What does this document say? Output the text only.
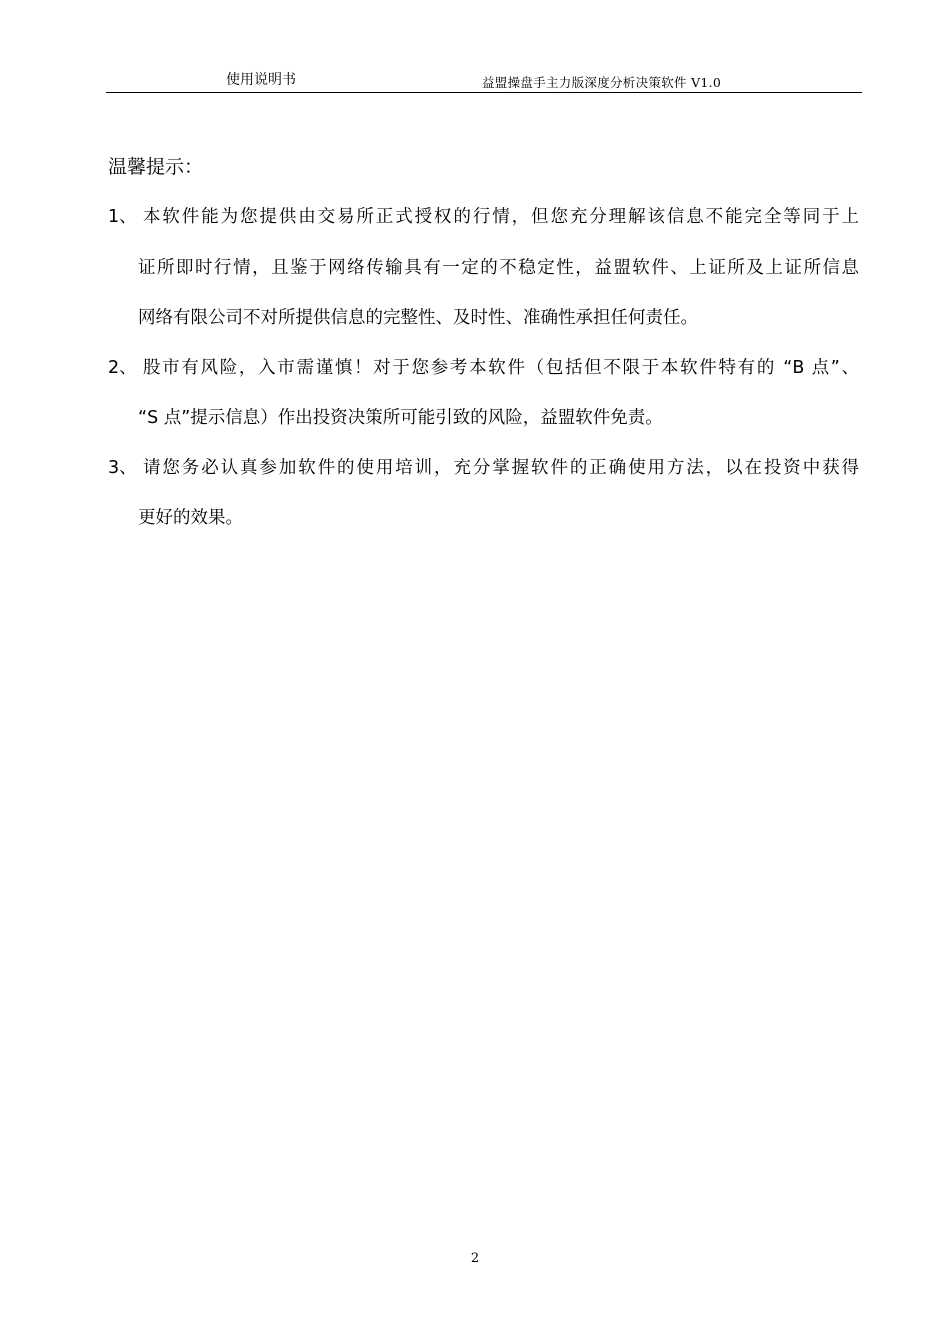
使用说明书	益盟操盘手主力版深度分析决策软件 V1.0
温馨提示：
1、 本软件能为您提供由交易所正式授权的行情，但您充分理解该信息不能完全等同于上
证所即时行情，且鉴于网络传输具有一定的不稳定性，益盟软件、上证所及上证所信息
网络有限公司不对所提供信息的完整性、及时性、准确性承担任何责任。
2、 股市有风险，入市需谨慎！对于您参考本软件（包括但不限于本软件特有的 “B 点”、
“S 点”提示信息）作出投资决策所可能引致的风险，益盟软件免责。
3、 请您务必认真参加软件的使用培训，充分掌握软件的正确使用方法，以在投资中获得
更好的效果。
2
